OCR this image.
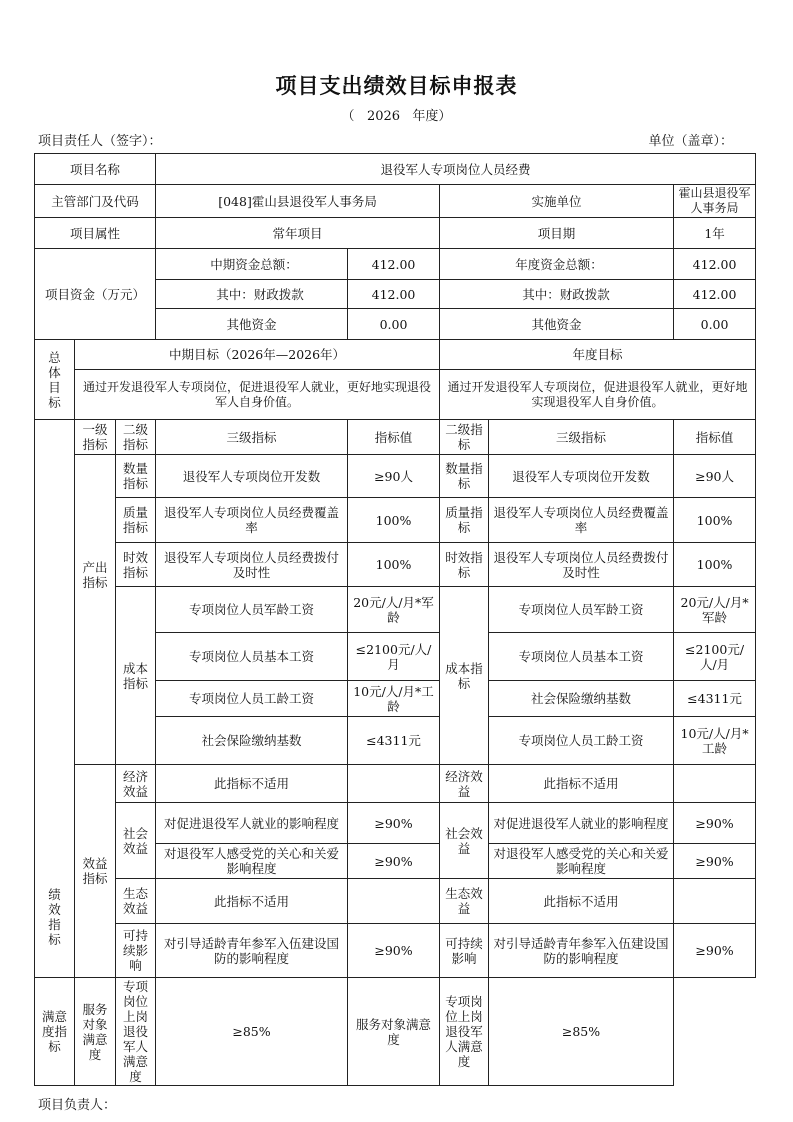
项目支出绩效目标申报表
（   2026   年度）
项目责任人（签字）：	单位（盖章）：
项目名称			退役军人专项岗位人员经费				
主管部门及代码			[048]霍山县退役军人事务局		实施单位		霍山县退役军人事务局
项目属性			常年项目		项目期		1年
项目资金（万元）			中期资金总额：	412.00	年度资金总额：		412.00
			其中：财政拨款	412.00	其中：财政拨款		412.00
			其他资金	0.00	其他资金		0.00
总体目标	中期目标（2026年—2026年）				年度目标		
	通过开发退役军人专项岗位，促进退役军人就业，更好地实现退役军人自身价值。				通过开发退役军人专项岗位，促进退役军人就业，更好地实现退役军人自身价值。		
绩效指标	一级指标	二级指标	三级指标	指标值	二级指标	三级指标	指标值
	产出指标	数量指标	退役军人专项岗位开发数	≥90人	数量指标	退役军人专项岗位开发数	≥90人
		质量指标	退役军人专项岗位人员经费覆盖率	100%	质量指标	退役军人专项岗位人员经费覆盖率	100%
		时效指标	退役军人专项岗位人员经费拨付及时性	100%	时效指标	退役军人专项岗位人员经费拨付及时性	100%
		成本指标	专项岗位人员军龄工资	20元/人/月*军龄	成本指标	专项岗位人员军龄工资	20元/人/月*军龄
			专项岗位人员基本工资	≤2100元/人/月		专项岗位人员基本工资	≤2100元/人/月
			专项岗位人员工龄工资	10元/人/月*工龄		社会保险缴纳基数	≤4311元
			社会保险缴纳基数	≤4311元		专项岗位人员工龄工资	10元/人/月*工龄

	效益指标	经济效益	此指标不适用		经济效益	此指标不适用	
		社会效益	对促进退役军人就业的影响程度	≥90%	社会效益	对促进退役军人就业的影响程度	≥90%
			对退役军人感受党的关心和关爱影响程度	≥90%		对退役军人感受党的关心和关爱影响程度	≥90%
		生态效益	此指标不适用		生态效益	此指标不适用	
		可持续影响	对引导适龄青年参军入伍建设国防的影响程度	≥90%	可持续影响	对引导适龄青年参军入伍建设国防的影响程度	≥90%

满意度指标	服务对象满意度	专项岗位上岗退役军人满意度	≥85%	服务对象满意度	专项岗位上岗退役军人满意度	≥85%	
项目负责人：
